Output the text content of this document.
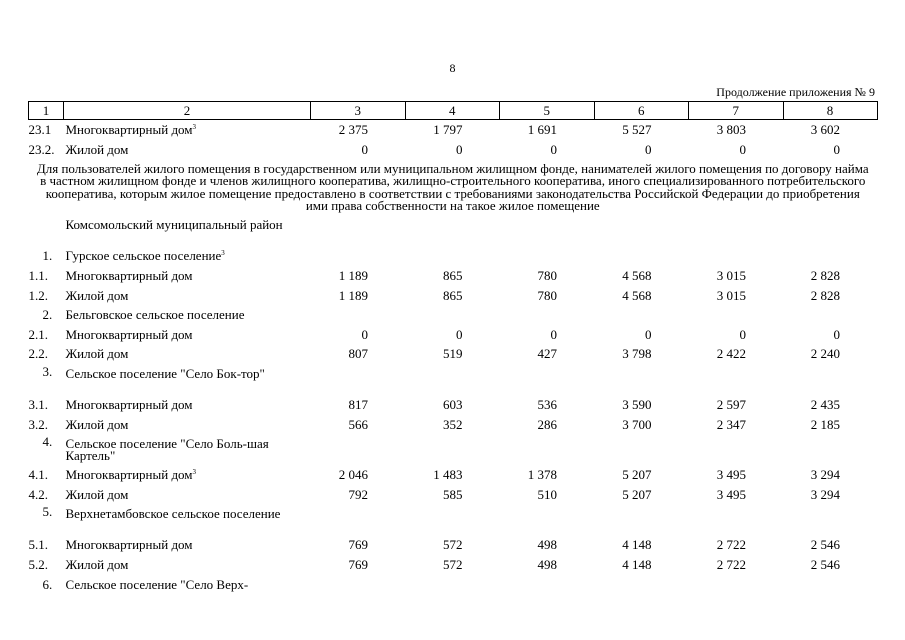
8
Продолжение приложения № 9
1	2	3	4	5	6	7	8
23.1	Многоквартирный дом$^3$	2 375	1 797	1 691	5 527	3 803	3 602
23.2.	Жилой дом	0	0	0	0	0	0
Для пользователей жилого помещения в государственном или муниципальном жилищном фонде, нанимателей жилого помещения по договору найма в частном жилищном фонде и членов жилищного кооператива, жилищно-строительного кооператива, иного специализированного потребительского кооператива, которым жилое помещение предоставлено в соответствии с требованиями законодательства Российской Федерации до приобретения ими права собственности на такое жилое помещение							
	Комсомольский муниципальный район						
1.	Гурское сельское поселение$^3$						
1.1.	Многоквартирный дом	1 189	865	780	4 568	3 015	2 828
1.2.	Жилой дом	1 189	865	780	4 568	3 015	2 828
2.	Бельговское сельское поселение						
2.1.	Многоквартирный дом	0	0	0	0	0	0
2.2.	Жилой дом	807	519	427	3 798	2 422	2 240
3.	Сельское поселение "Село Бок-тор"						
3.1.	Многоквартирный дом	817	603	536	3 590	2 597	2 435
3.2.	Жилой дом	566	352	286	3 700	2 347	2 185
4.	Сельское поселение "Село Боль-шая Картель"						
4.1.	Многоквартирный дом$^3$	2 046	1 483	1 378	5 207	3 495	3 294
4.2.	Жилой дом	792	585	510	5 207	3 495	3 294
5.	Верхнетамбовское сельское поселение						
5.1.	Многоквартирный дом	769	572	498	4 148	2 722	2 546
5.2.	Жилой дом	769	572	498	4 148	2 722	2 546
6.	Сельское поселение "Село Верх-						
